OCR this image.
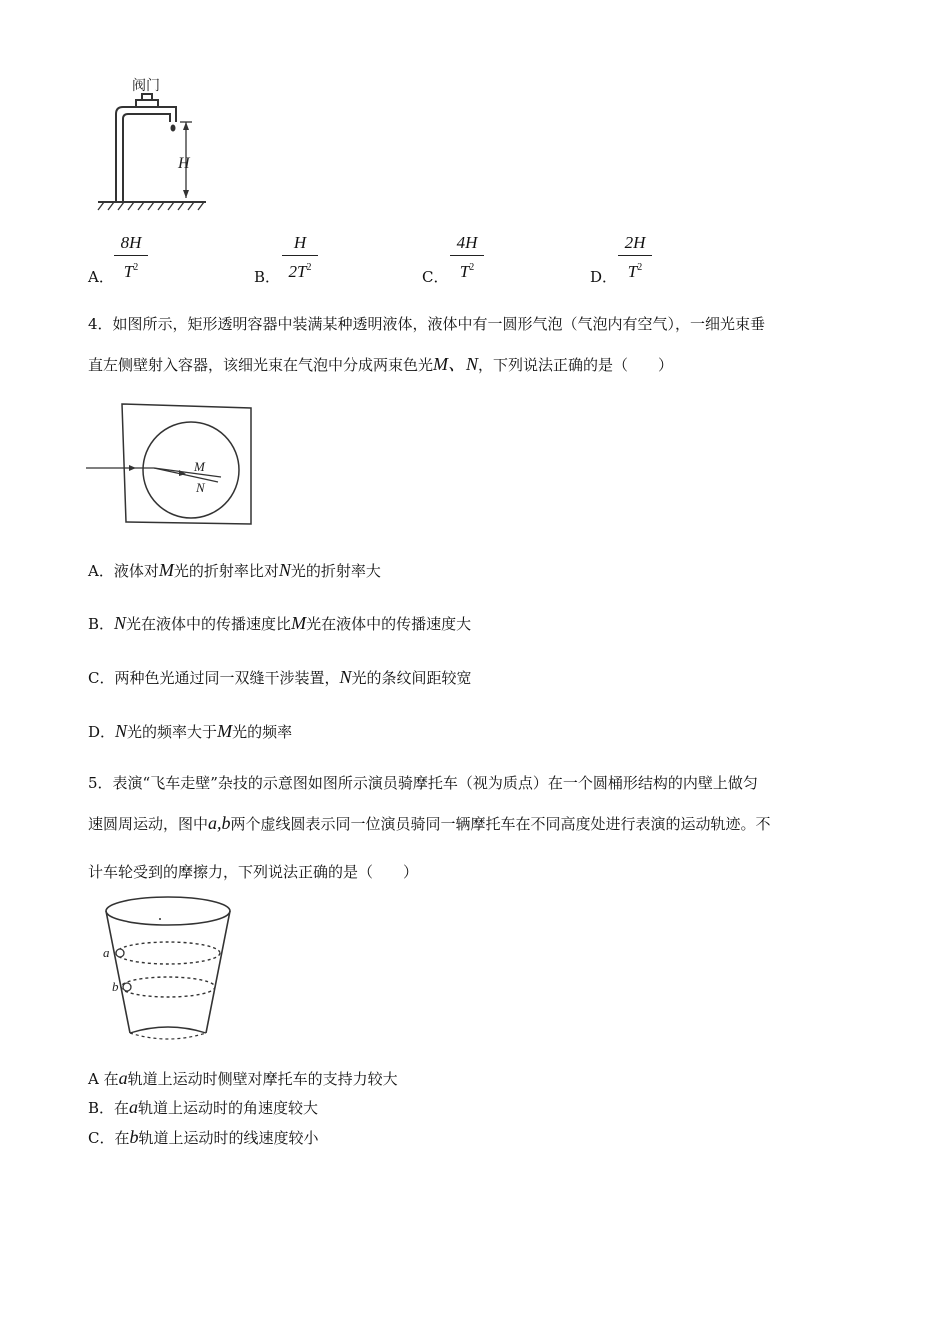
阀门
H
A．
8H
$T^2$
B．
H
$2T^2$
C．
4H
$T^2$
D．
2H
$T^2$
4．如图所示，矩形透明容器中装满某种透明液体，液体中有一圆形气泡（气泡内有空气），一细光束垂
直左侧壁射入容器，该细光束在气泡中分成两束色光M、N，下列说法正确的是（　　）
M
N
A．液体对M光的折射率比对N光的折射率大
B．N光在液体中的传播速度比M光在液体中的传播速度大
C．两种色光通过同一双缝干涉装置，N光的条纹间距较宽
D．N光的频率大于M光的频率
5．表演“飞车走壁”杂技的示意图如图所示演员骑摩托车（视为质点）在一个圆桶形结构的内壁上做匀
速圆周运动，图中a,b两个虚线圆表示同一位演员骑同一辆摩托车在不同高度处进行表演的运动轨迹。不
计车轮受到的摩擦力，下列说法正确的是（　　）
a
b
A 在a轨道上运动时侧壁对摩托车的支持力较大
B．在a轨道上运动时的角速度较大
C．在b轨道上运动时的线速度较小
